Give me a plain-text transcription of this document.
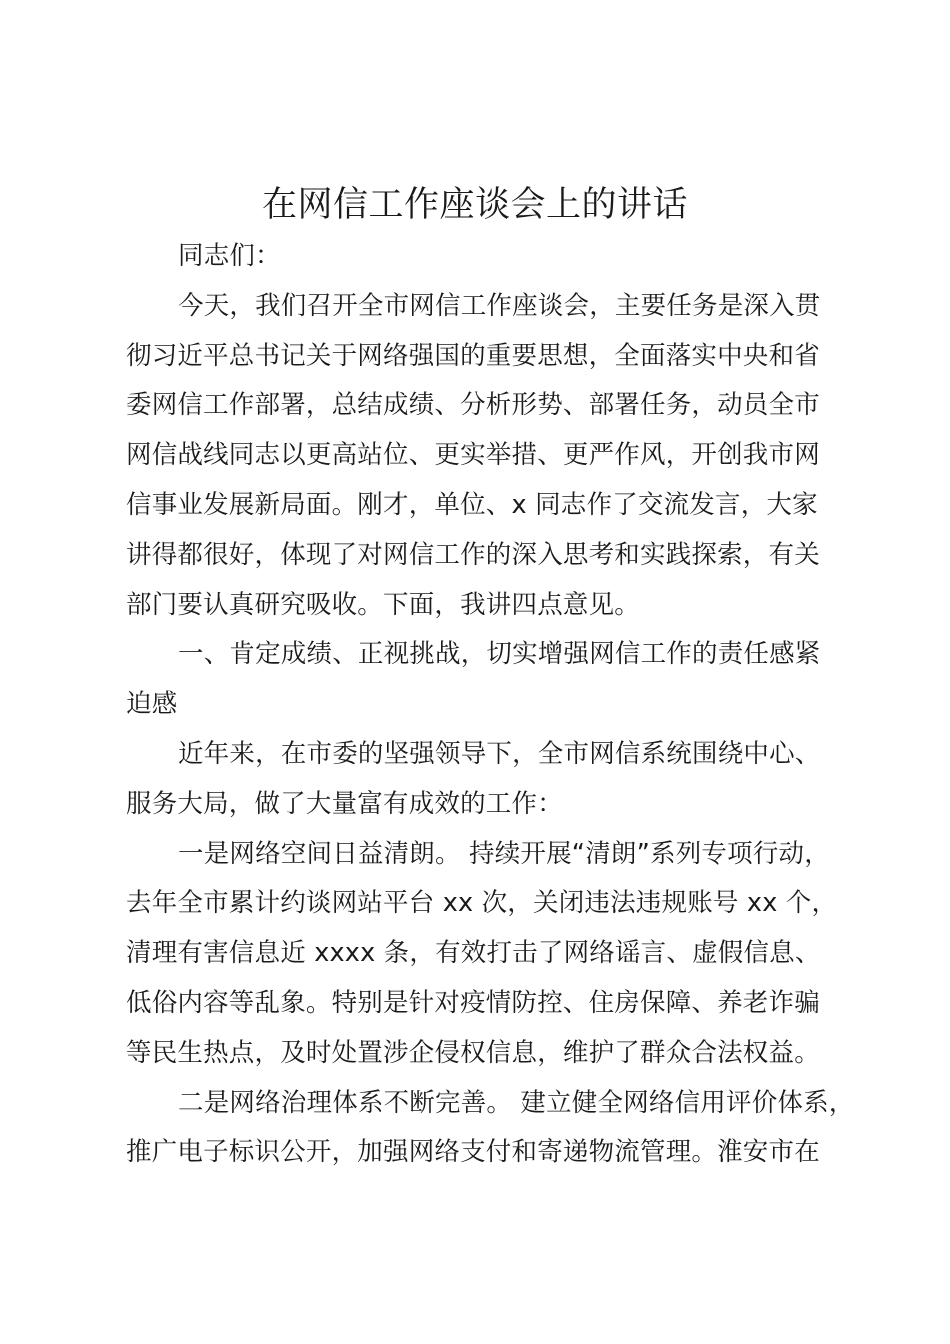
在网信工作座谈会上的讲话
同志们：
今天，我们召开全市网信工作座谈会，主要任务是深入贯
彻习近平总书记关于网络强国的重要思想，全面落实中央和省
委网信工作部署，总结成绩、分析形势、部署任务，动员全市
网信战线同志以更高站位、更实举措、更严作风，开创我市网
信事业发展新局面。刚才，单位、x 同志作了交流发言，大家
讲得都很好，体现了对网信工作的深入思考和实践探索，有关
部门要认真研究吸收。下面，我讲四点意见。
一、肯定成绩、正视挑战，切实增强网信工作的责任感紧
迫感
近年来，在市委的坚强领导下，全市网信系统围绕中心、
服务大局，做了大量富有成效的工作：
一是网络空间日益清朗。 持续开展“清朗”系列专项行动，
去年全市累计约谈网站平台 xx 次，关闭违法违规账号 xx 个，
清理有害信息近 xxxx 条，有效打击了网络谣言、虚假信息、
低俗内容等乱象。特别是针对疫情防控、住房保障、养老诈骗
等民生热点，及时处置涉企侵权信息，维护了群众合法权益。
二是网络治理体系不断完善。 建立健全网络信用评价体系，
推广电子标识公开，加强网络支付和寄递物流管理。淮安市在
